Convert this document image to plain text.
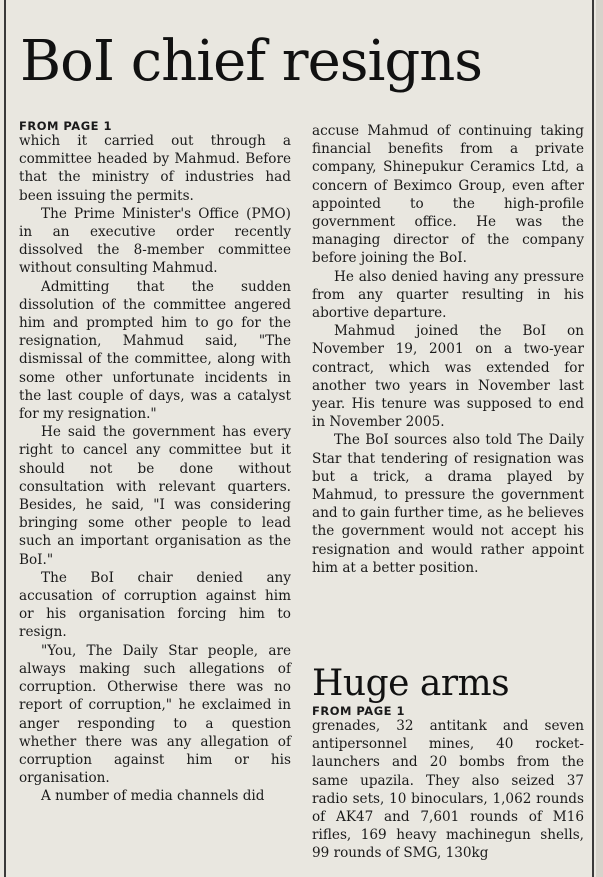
BoI chief resigns
FROM PAGE 1

which it carried out through a committee headed by Mahmud. Before that the ministry of industries had been issuing the permits.

The Prime Minister's Office (PMO) in an executive order recently dissolved the 8-member committee without consulting Mahmud.

Admitting that the sudden dissolution of the committee angered him and prompted him to go for the resignation, Mahmud said, "The dismissal of the committee, along with some other unfortunate incidents in the last couple of days, was a catalyst for my resignation."

He said the government has every right to cancel any committee but it should not be done without consultation with relevant quarters. Besides, he said, "I was considering bringing some other people to lead such an important organisation as the BoI."

The BoI chair denied any accusation of corruption against him or his organisation forcing him to resign.

"You, The Daily Star people, are always making such allegations of corruption. Otherwise there was no report of corruption," he exclaimed in anger responding to a question whether there was any allegation of corruption against him or his organisation.

A number of media channels did

accuse Mahmud of continuing taking financial benefits from a private company, Shinepukur Ceramics Ltd, a concern of Beximco Group, even after appointed to the high-profile government office. He was the managing director of the company before joining the BoI.

He also denied having any pressure from any quarter resulting in his abortive departure.

Mahmud joined the BoI on November 19, 2001 on a two-year contract, which was extended for another two years in November last year. His tenure was supposed to end in November 2005.

The BoI sources also told The Daily Star that tendering of resignation was but a trick, a drama played by Mahmud, to pressure the government and to gain further time, as he believes the government would not accept his resignation and would rather appoint him at a better position.

Huge arms
FROM PAGE 1

grenades, 32 antitank and seven antipersonnel mines, 40 rocket-launchers and 20 bombs from the same upazila. They also seized 37 radio sets, 10 binoculars, 1,062 rounds of AK47 and 7,601 rounds of M16 rifles, 169 heavy machinegun shells, 99 rounds of SMG, 130kg
